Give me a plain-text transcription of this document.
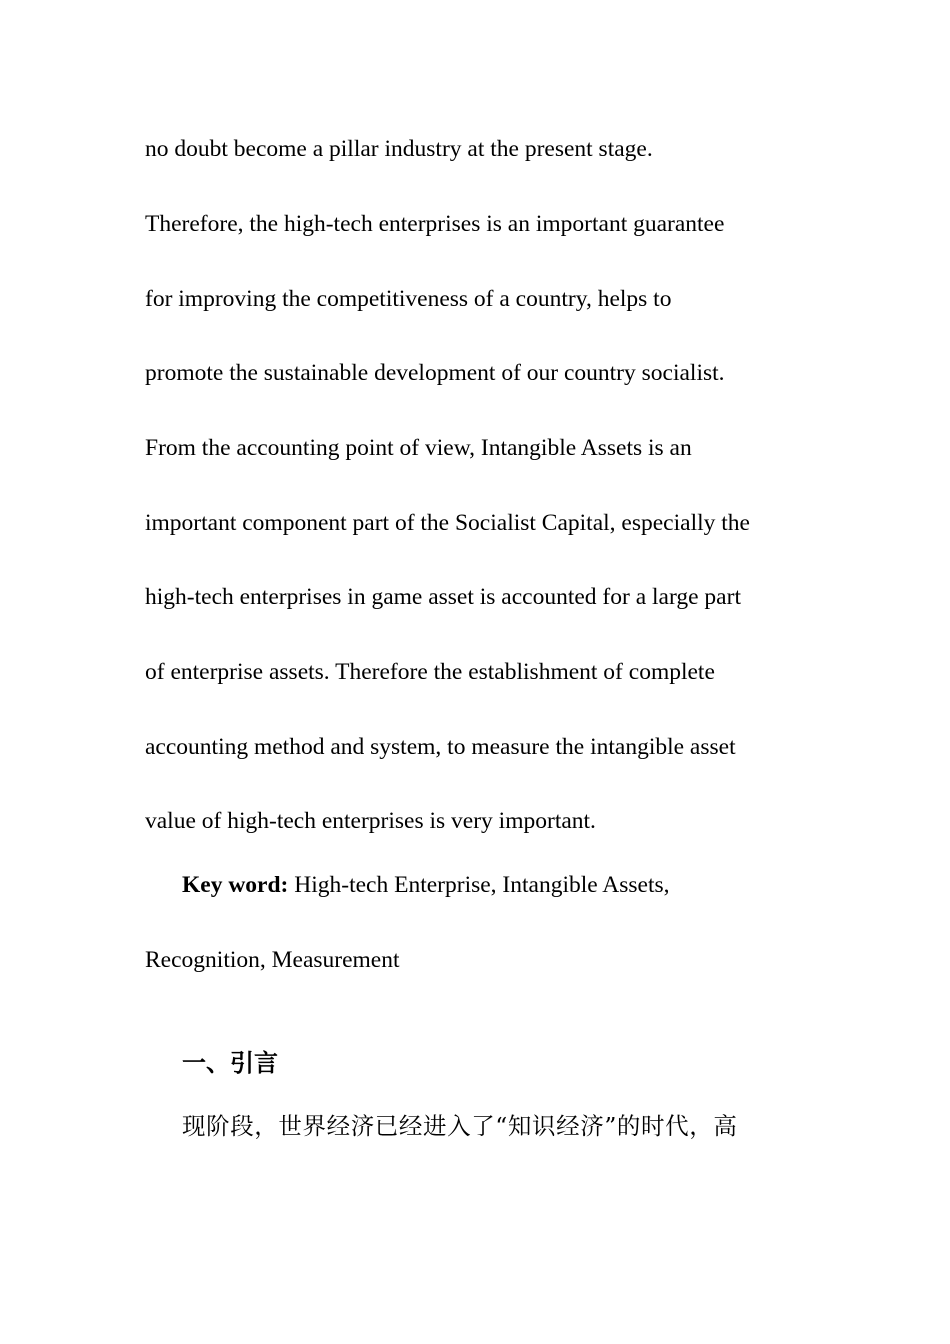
no doubt become a pillar industry at the present stage.

Therefore, the high-tech enterprises is an important guarantee

for improving the competitiveness of a country, helps to

promote the sustainable development of our country socialist.

From the accounting point of view, Intangible Assets is an

important component part of the Socialist Capital, especially the

high-tech enterprises in game asset is accounted for a large part

of enterprise assets. Therefore the establishment of complete

accounting method and system, to measure the intangible asset

value of high-tech enterprises is very important.

Key word: High-tech Enterprise, Intangible Assets,

Recognition, Measurement

一、引言

现阶段，世界经济已经进入了“知识经济”的时代，高
